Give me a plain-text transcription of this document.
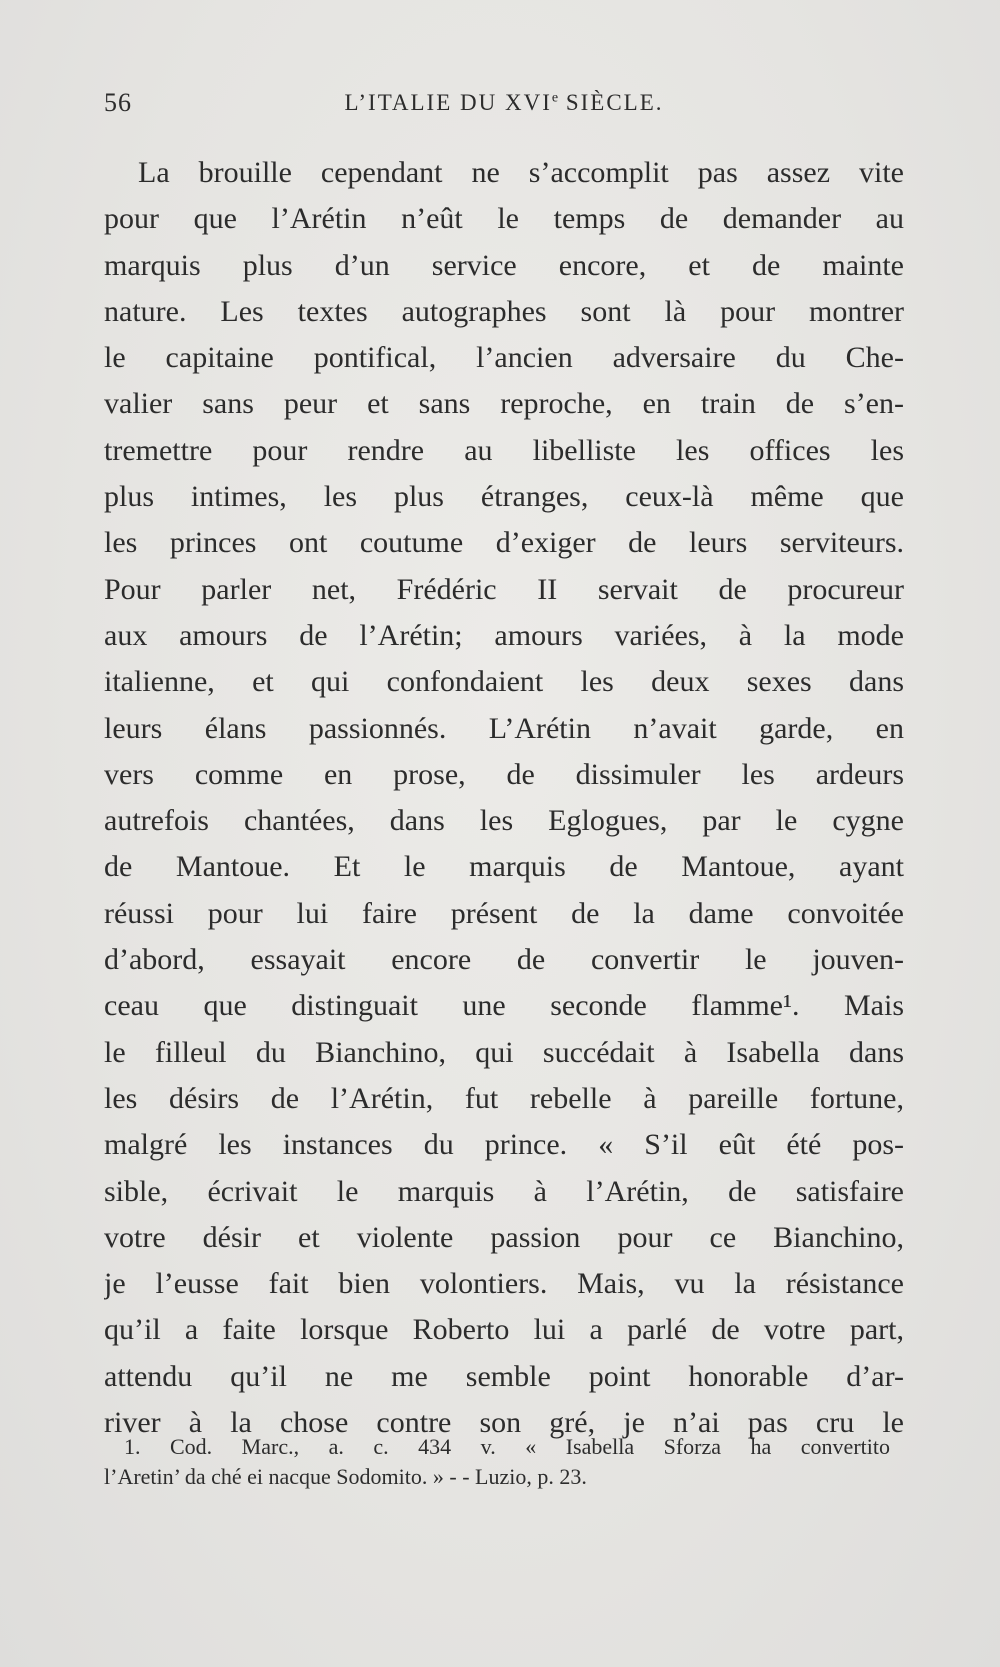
56	L’ITALIE DU XVIe SIÈCLE.
La brouille cependant ne s’accomplit pas assez vite
pour que l’Arétin n’eût le temps de demander au
marquis plus d’un service encore, et de mainte
nature. Les textes autographes sont là pour montrer
le capitaine pontifical, l’ancien adversaire du Che-
valier sans peur et sans reproche, en train de s’en-
tremettre pour rendre au libelliste les offices les
plus intimes, les plus étranges, ceux-là même que
les princes ont coutume d’exiger de leurs serviteurs.
Pour parler net, Frédéric II servait de procureur
aux amours de l’Arétin; amours variées, à la mode
italienne, et qui confondaient les deux sexes dans
leurs élans passionnés. L’Arétin n’avait garde, en
vers comme en prose, de dissimuler les ardeurs
autrefois chantées, dans les Eglogues, par le cygne
de Mantoue. Et le marquis de Mantoue, ayant
réussi pour lui faire présent de la dame convoitée
d’abord, essayait encore de convertir le jouven-
ceau que distinguait une seconde flamme¹. Mais
le filleul du Bianchino, qui succédait à Isabella dans
les désirs de l’Arétin, fut rebelle à pareille fortune,
malgré les instances du prince. « S’il eût été pos-
sible, écrivait le marquis à l’Arétin, de satisfaire
votre désir et violente passion pour ce Bianchino,
je l’eusse fait bien volontiers. Mais, vu la résistance
qu’il a faite lorsque Roberto lui a parlé de votre part,
attendu qu’il ne me semble point honorable d’ar-
river à la chose contre son gré, je n’ai pas cru le
1. Cod. Marc., a. c. 434 v. « Isabella Sforza ha convertito
l’Aretin’ da ché ei nacque Sodomito. » - - Luzio, p. 23.
